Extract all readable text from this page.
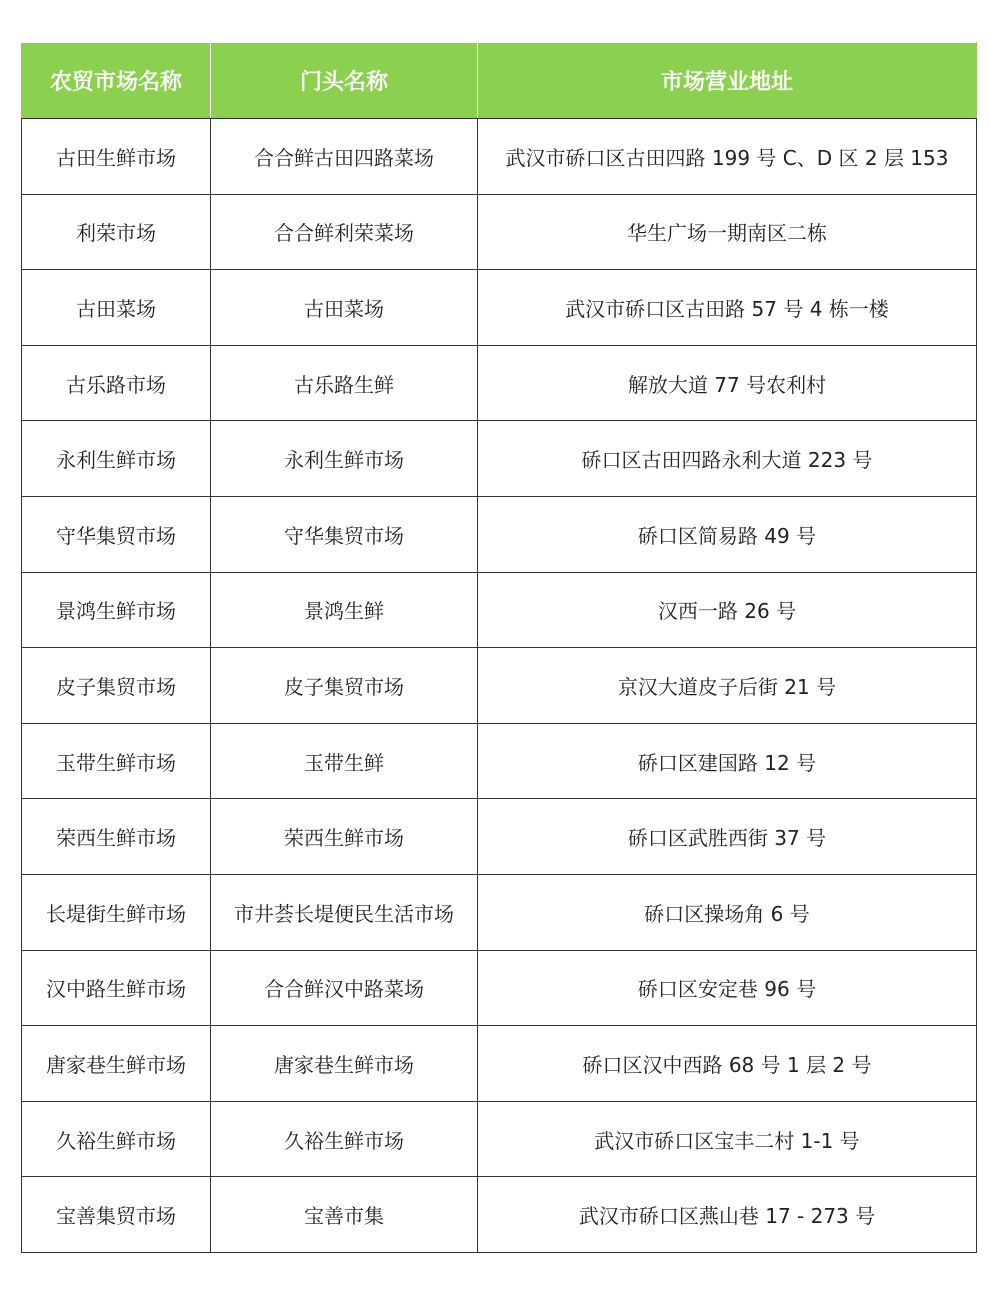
农贸市场名称	门头名称	市场营业地址
古田生鲜市场	合合鲜古田四路菜场	武汉市硚口区古田四路 199 号 C、D 区 2 层 153
利荣市场	合合鲜利荣菜场	华生广场一期南区二栋
古田菜场	古田菜场	武汉市硚口区古田路 57 号 4 栋一楼
古乐路市场	古乐路生鲜	解放大道 77 号农利村
永利生鲜市场	永利生鲜市场	硚口区古田四路永利大道 223 号
守华集贸市场	守华集贸市场	硚口区简易路 49 号
景鸿生鲜市场	景鸿生鲜	汉西一路 26 号
皮子集贸市场	皮子集贸市场	京汉大道皮子后街 21 号
玉带生鲜市场	玉带生鲜	硚口区建国路 12 号
荣西生鲜市场	荣西生鲜市场	硚口区武胜西街 37 号
长堤街生鲜市场	市井荟长堤便民生活市场	硚口区操场角 6 号
汉中路生鲜市场	合合鲜汉中路菜场	硚口区安定巷 96 号
唐家巷生鲜市场	唐家巷生鲜市场	硚口区汉中西路 68 号 1 层 2 号
久裕生鲜市场	久裕生鲜市场	武汉市硚口区宝丰二村 1-1 号
宝善集贸市场	宝善市集	武汉市硚口区燕山巷 17 - 273 号
